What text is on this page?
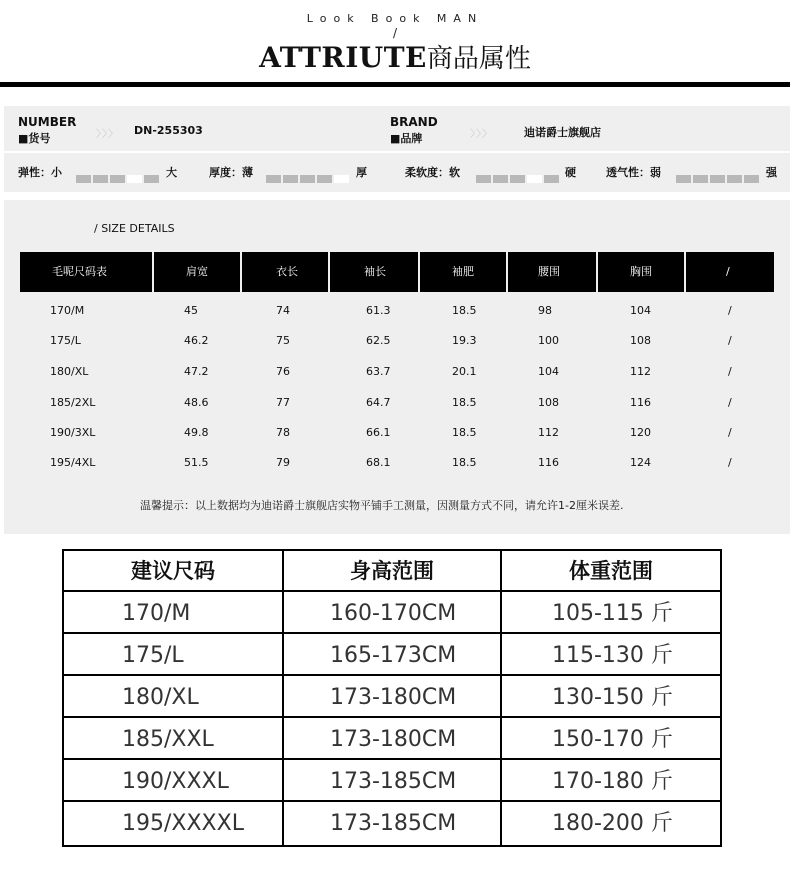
Look Book MAN
/
ATTRIUTE商品属性
NUMBER
■货号	〉〉〉 DN-255303
BRAND
■品牌	〉〉〉	迪诺爵士旗舰店
弹性：小	大	厚度：薄	厚	柔软度：软	硬	透气性：弱	强
/ SIZE DETAILS
毛呢尺码表	肩宽	衣长	袖长	袖肥	腰围	胸围	/
170/M	45	74	61.3	18.5	98	104	/
175/L	46.2	75	62.5	19.3	100	108	/
180/XL	47.2	76	63.7	20.1	104	112	/
185/2XL	48.6	77	64.7	18.5	108	116	/
190/3XL	49.8	78	66.1	18.5	112	120	/
195/4XL	51.5	79	68.1	18.5	116	124	/
温馨提示：以上数据均为迪诺爵士旗舰店实物平铺手工测量，因测量方式不同，请允许1-2厘米误差.
建议尺码	身高范围	体重范围
170/M	160-170CM	105-115 斤
175/L	165-173CM	115-130 斤
180/XL	173-180CM	130-150 斤
185/XXL	173-180CM	150-170 斤
190/XXXL	173-185CM	170-180 斤
195/XXXXL	173-185CM	180-200 斤
